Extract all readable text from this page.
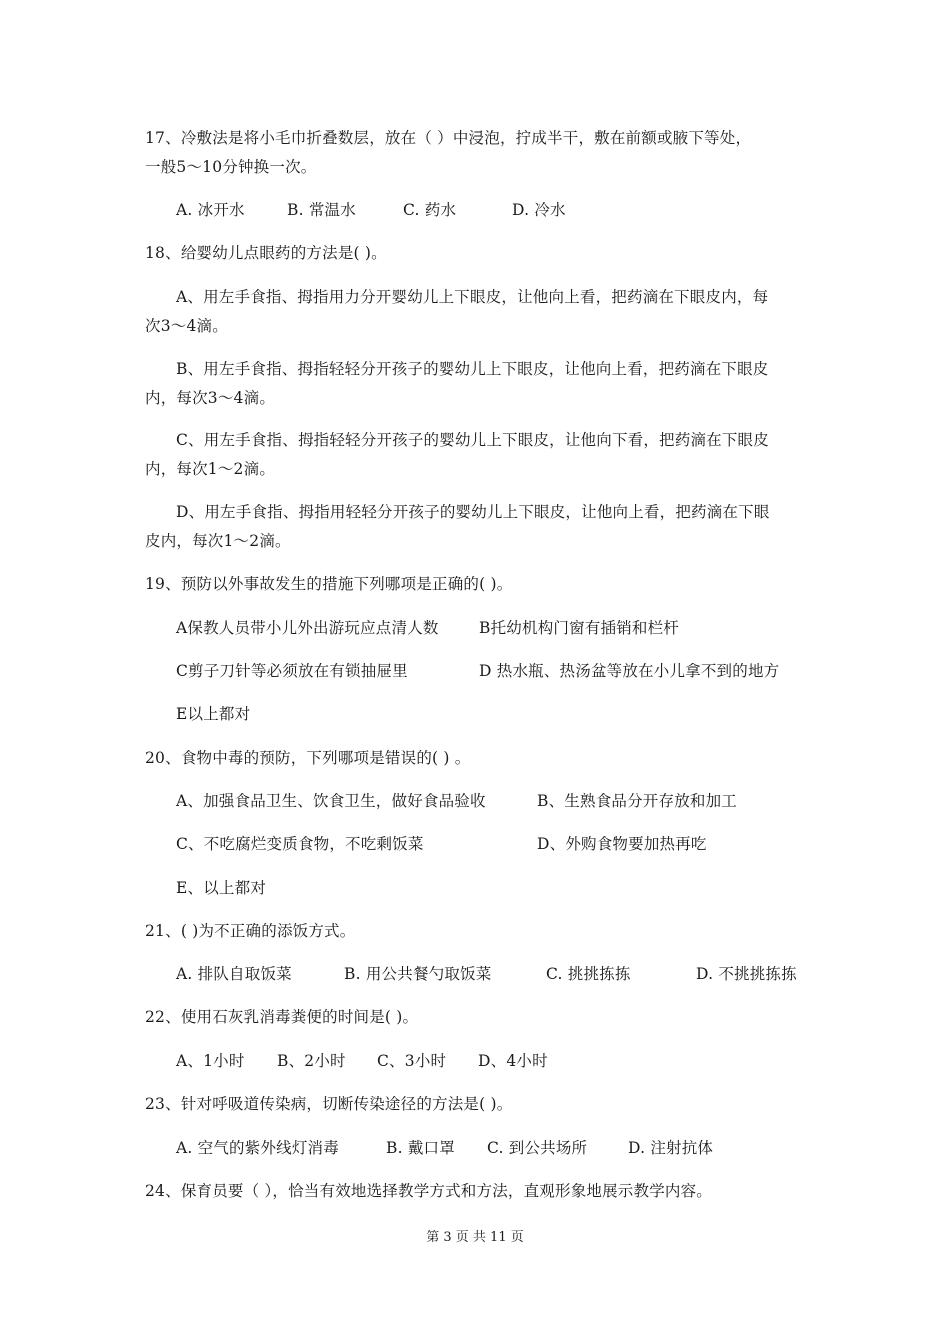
17、冷敷法是将小毛巾折叠数层，放在（ ）中浸泡，拧成半干，敷在前额或腋下等处，
一般5～10分钟换一次。
A. 冰开水	B. 常温水	C. 药水	D. 冷水
18、给婴幼儿点眼药的方法是( )。
A、用左手食指、拇指用力分开婴幼儿上下眼皮，让他向上看，把药滴在下眼皮内，每
次3～4滴。
B、用左手食指、拇指轻轻分开孩子的婴幼儿上下眼皮，让他向上看，把药滴在下眼皮
内，每次3～4滴。
C、用左手食指、拇指轻轻分开孩子的婴幼儿上下眼皮，让他向下看，把药滴在下眼皮
内，每次1～2滴。
D、用左手食指、拇指用轻轻分开孩子的婴幼儿上下眼皮，让他向上看，把药滴在下眼
皮内，每次1～2滴。
19、预防以外事故发生的措施下列哪项是正确的( )。
A保教人员带小儿外出游玩应点清人数	B托幼机构门窗有插销和栏杆
C剪子刀针等必须放在有锁抽屉里	D 热水瓶、热汤盆等放在小儿拿不到的地方
E以上都对
20、食物中毒的预防，下列哪项是错误的( ) 。
A、加强食品卫生、饮食卫生，做好食品验收	B、生熟食品分开存放和加工
C、不吃腐烂变质食物，不吃剩饭菜	D、外购食物要加热再吃
E、以上都对
21、( )为不正确的添饭方式。
A. 排队自取饭菜	B. 用公共餐勺取饭菜	C. 挑挑拣拣	D. 不挑挑拣拣
22、使用石灰乳消毒粪便的时间是( )。
A、1小时 B、2小时 C、3小时 D、4小时
23、针对呼吸道传染病，切断传染途径的方法是( )。
A. 空气的紫外线灯消毒	B. 戴口罩 C. 到公共场所	D. 注射抗体
24、保育员要（ ），恰当有效地选择教学方式和方法，直观形象地展示教学内容。
第 3 页 共 11 页
